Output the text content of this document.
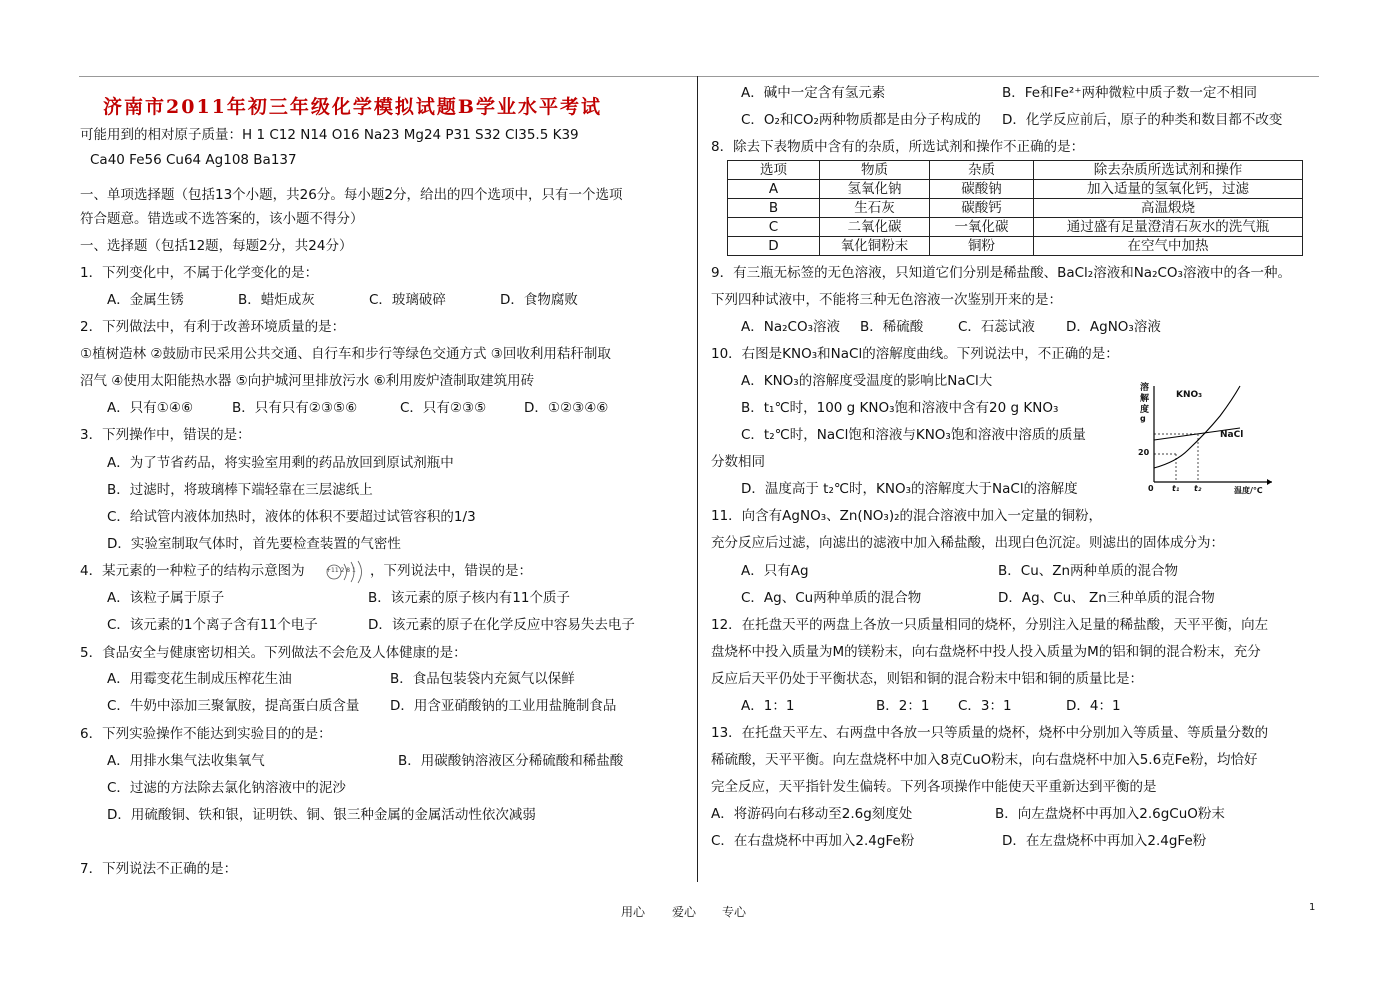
济南市2011年初三年级化学模拟试题B学业水平考试
可能用到的相对原子质量：H 1 C12 N14 O16 Na23 Mg24 P31 S32 Cl35.5 K39
Ca40 Fe56 Cu64 Ag108 Ba137
一、单项选择题（包括13个小题，共26分。每小题2分，给出的四个选项中，只有一个选项
符合题意。错选或不选答案的，该小题不得分）
一、选择题（包括12题，每题2分，共24分）
1．下列变化中，不属于化学变化的是：
A．金属生锈	B．蜡炬成灰	C．玻璃破碎	D．食物腐败
2．下列做法中，有利于改善环境质量的是：
①植树造林 ②鼓励市民采用公共交通、自行车和步行等绿色交通方式 ③回收利用秸秆制取
沼气 ④使用太阳能热水器 ⑤向护城河里排放污水 ⑥利用废炉渣制取建筑用砖
A．只有①④⑥	B．只有只有②③⑤⑥	C．只有②③⑤	D．①②③④⑥
3．下列操作中，错误的是：
A．为了节省药品，将实验室用剩的药品放回到原试剂瓶中
B．过滤时，将玻璃棒下端轻靠在三层滤纸上
C．给试管内液体加热时，液体的体积不要超过试管容积的1/3
D．实验室制取气体时，首先要检查装置的气密性
4．某元素的一种粒子的结构示意图为	+11 2 8 1 ，下列说法中，错误的是：
A．该粒子属于原子	B．该元素的原子核内有11个质子
C．该元素的1个离子含有11个电子	D．该元素的原子在化学反应中容易失去电子
5．食品安全与健康密切相关。下列做法不会危及人体健康的是：
A．用霉变花生制成压榨花生油	B．食品包装袋内充氮气以保鲜
C．牛奶中添加三聚氰胺，提高蛋白质含量 D．用含亚硝酸钠的工业用盐腌制食品
6．下列实验操作不能达到实验目的的是：
A．用排水集气法收集氧气	B．用碳酸钠溶液区分稀硫酸和稀盐酸
C．过滤的方法除去氯化钠溶液中的泥沙
D．用硫酸铜、铁和银，证明铁、铜、银三种金属的金属活动性依次减弱
7．下列说法不正确的是：
A．碱中一定含有氢元素	B．Fe和Fe²⁺两种微粒中质子数一定不相同
C．O₂和CO₂两种物质都是由分子构成的 D．化学反应前后，原子的种类和数目都不改变
8．除去下表物质中含有的杂质，所选试剂和操作不正确的是：
选项	物质	杂质	除去杂质所选试剂和操作
A	氢氧化钠	碳酸钠	加入适量的氢氧化钙，过滤
B	生石灰	碳酸钙	高温煅烧
C	二氧化碳	一氧化碳	通过盛有足量澄清石灰水的洗气瓶
D	氧化铜粉末	铜粉	在空气中加热
9．有三瓶无标签的无色溶液，只知道它们分别是稀盐酸、BaCl₂溶液和Na₂CO₃溶液中的各一种。
下列四种试液中，不能将三种无色溶液一次鉴别开来的是：
A．Na₂CO₃溶液 B．稀硫酸	C．石蕊试液 D．AgNO₃溶液
10．右图是KNO₃和NaCl的溶解度曲线。下列说法中，不正确的是：
A．KNO₃的溶解度受温度的影响比NaCl大
B．t₁℃时，100 g KNO₃饱和溶液中含有20 g KNO₃
C．t₂℃时，NaCl饱和溶液与KNO₃饱和溶液中溶质的质量
分数相同
D．温度高于 t₂℃时，KNO₃的溶解度大于NaCl的溶解度
溶
解
度
g
20
0 t₁ t₂	温度/℃
KNO₃
NaCl
11．向含有AgNO₃、Zn(NO₃)₂的混合溶液中加入一定量的铜粉，
充分反应后过滤，向滤出的滤液中加入稀盐酸，出现白色沉淀。则滤出的固体成分为：
A．只有Ag	B．Cu、Zn两种单质的混合物
C．Ag、Cu两种单质的混合物	D．Ag、Cu、 Zn三种单质的混合物
12．在托盘天平的两盘上各放一只质量相同的烧杯，分别注入足量的稀盐酸，天平平衡，向左
盘烧杯中投入质量为M的镁粉末，向右盘烧杯中投人投入质量为M的铝和铜的混合粉末，充分
反应后天平仍处于平衡状态，则铝和铜的混合粉末中铝和铜的质量比是：
A．1：1	B．2：1 C．3：1	D．4：1
13．在托盘天平左、右两盘中各放一只等质量的烧杯，烧杯中分别加入等质量、等质量分数的
稀硫酸，天平平衡。向左盘烧杯中加入8克CuO粉末，向右盘烧杯中加入5.6克Fe粉，均恰好
完全反应，天平指针发生偏转。下列各项操作中能使天平重新达到平衡的是
A．将游码向右移动至2.6g刻度处	B．向左盘烧杯中再加入2.6gCuO粉末
C．在右盘烧杯中再加入2.4gFe粉	D．在左盘烧杯中再加入2.4gFe粉
用心 爱心 专心	1
